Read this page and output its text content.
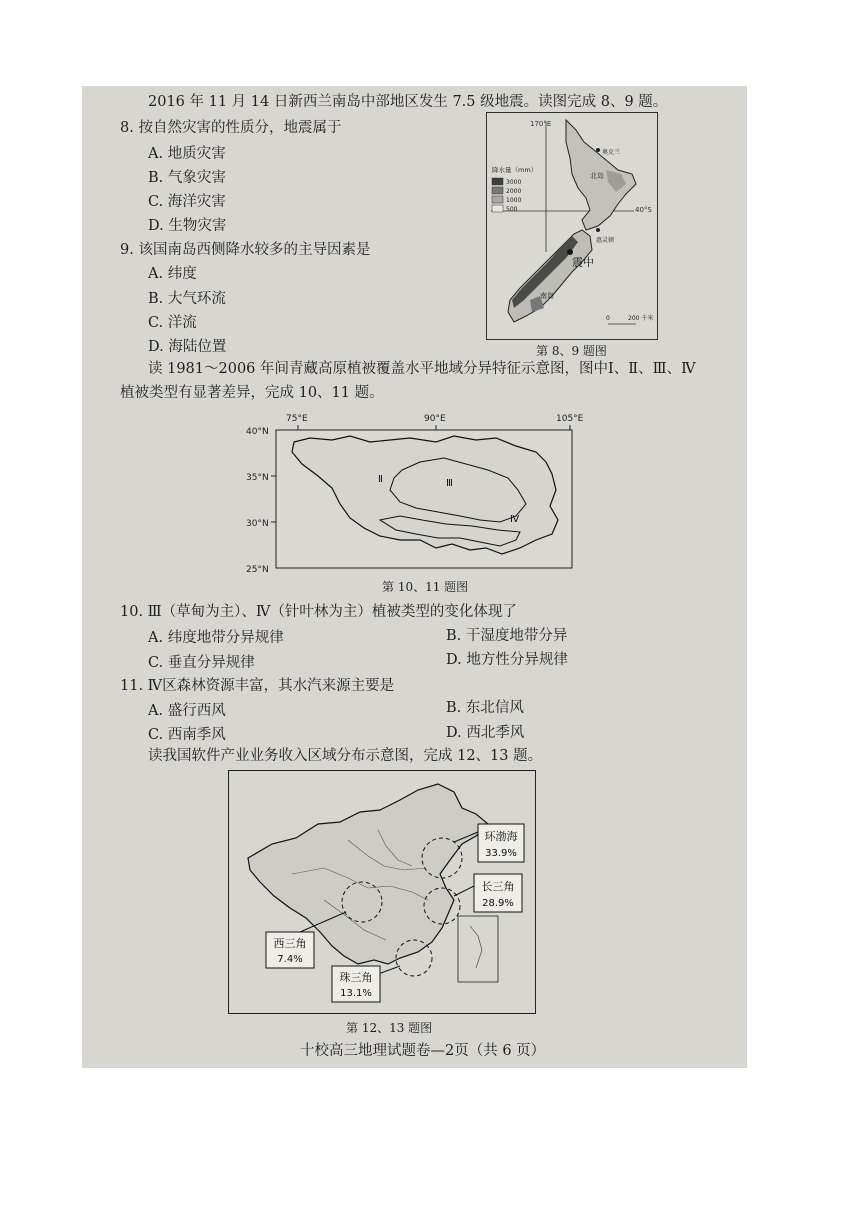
2016 年 11 月 14 日新西兰南岛中部地区发生 7.5 级地震。读图完成 8、9 题。
8. 按自然灾害的性质分，地震属于
A. 地质灾害
B. 气象灾害
C. 海洋灾害
D. 生物灾害
9. 该国南岛西侧降水较多的主导因素是
A. 纬度
B. 大气环流
C. 洋流
D. 海陆位置
170°E
40°S
降水量（mm）
3000
2000
1000
500
北岛
南岛
奥克兰
惠灵顿
震中
0	200 千米
第 8、9 题图
读 1981～2006 年间青藏高原植被覆盖水平地域分异特征示意图，图中Ⅰ、Ⅱ、Ⅲ、Ⅳ
植被类型有显著差异，完成 10、11 题。
75°E	90°E	105°E
40°N
35°N
30°N
25°N
Ⅱ	Ⅲ
Ⅳ
第 10、11 题图
10. Ⅲ（草甸为主）、Ⅳ（针叶林为主）植被类型的变化体现了
A. 纬度地带分异规律	B. 干湿度地带分异
C. 垂直分异规律	D. 地方性分异规律
11. Ⅳ区森林资源丰富，其水汽来源主要是
A. 盛行西风	B. 东北信风
C. 西南季风	D. 西北季风
读我国软件产业业务收入区域分布示意图，完成 12、13 题。
环渤海
33.9%
长三角
28.9%
西三角
7.4%
珠三角
13.1%
第 12、13 题图
十校高三地理试题卷—2页（共 6 页）
